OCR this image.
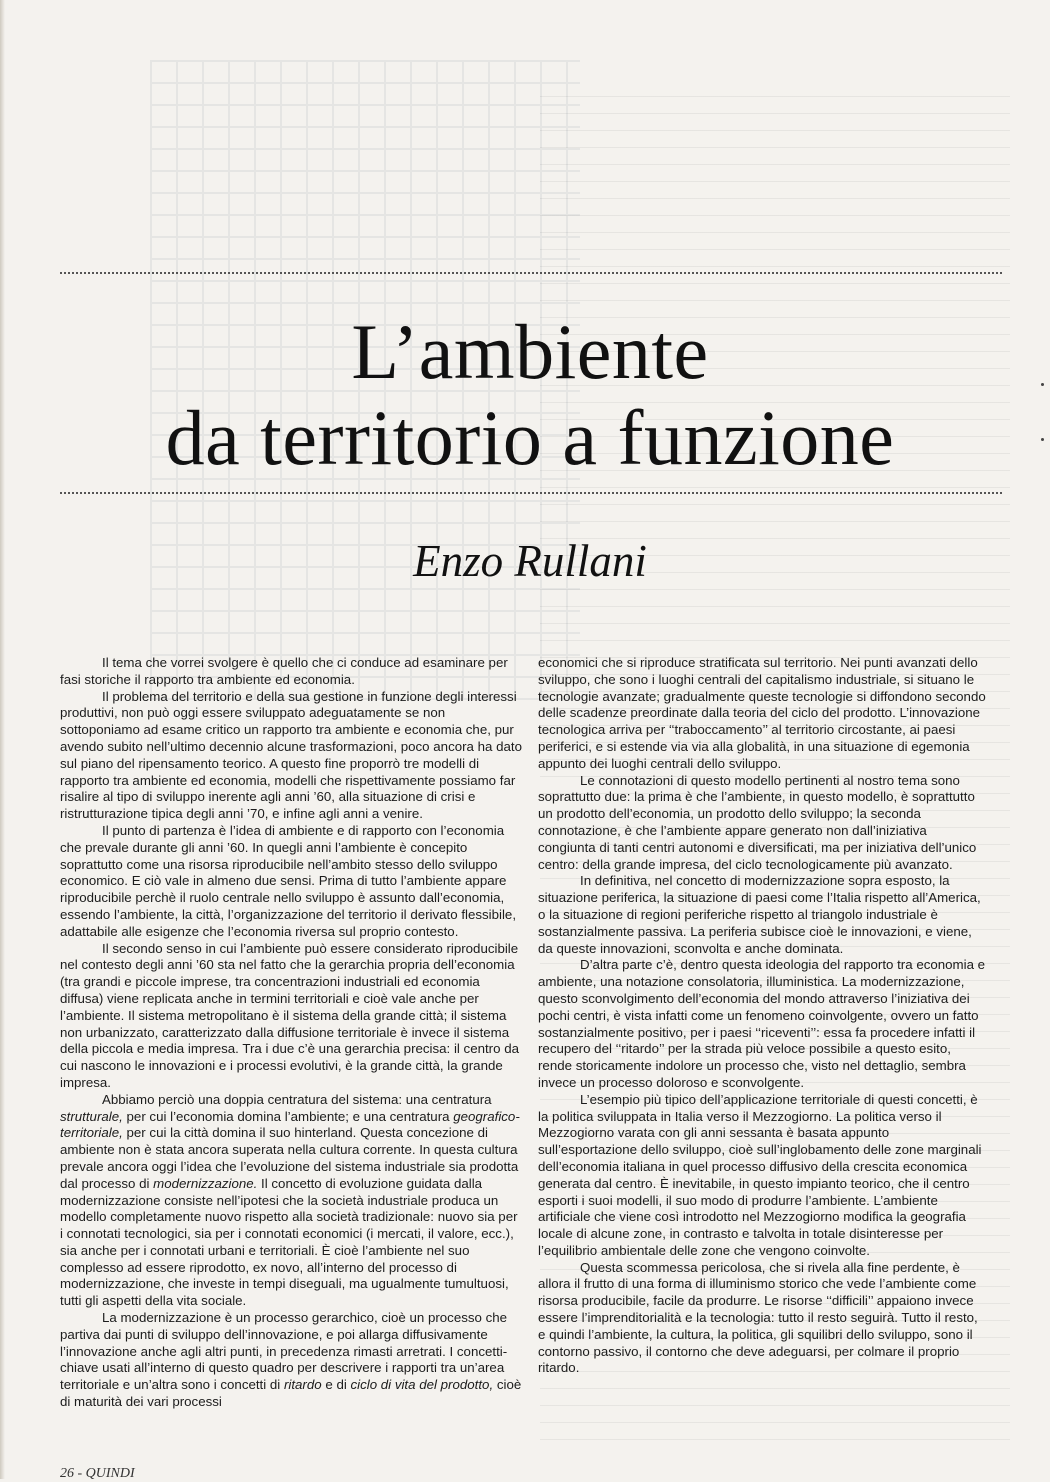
L’ambiente
da territorio a funzione
Enzo Rullani

Il tema che vorrei svolgere è quello che ci conduce ad esaminare per fasi storiche il rapporto tra ambiente ed economia.

Il problema del territorio e della sua gestione in funzione degli interessi produttivi, non può oggi essere sviluppato adeguatamente se non sottoponiamo ad esame critico un rapporto tra ambiente e economia che, pur avendo subito nell’ultimo decennio alcune trasformazioni, poco ancora ha dato sul piano del ripensamento teorico. A questo fine proporrò tre modelli di rapporto tra ambiente ed economia, modelli che rispettivamente possiamo far risalire al tipo di sviluppo inerente agli anni ’60, alla situazione di crisi e ristrutturazione tipica degli anni ’70, e infine agli anni a venire.

Il punto di partenza è l’idea di ambiente e di rapporto con l’economia che prevale durante gli anni ’60. In quegli anni l’ambiente è concepito soprattutto come una risorsa riproducibile nell’ambito stesso dello sviluppo economico. E ciò vale in almeno due sensi. Prima di tutto l’ambiente appare riproducibile perchè il ruolo centrale nello sviluppo è assunto dall’economia, essendo l’ambiente, la città, l’organizzazione del territorio il derivato flessibile, adattabile alle esigenze che l’economia riversa sul proprio contesto.

Il secondo senso in cui l’ambiente può essere considerato riproducibile nel contesto degli anni ’60 sta nel fatto che la gerarchia propria dell’economia (tra grandi e piccole imprese, tra concentrazioni industriali ed economia diffusa) viene replicata anche in termini territoriali e cioè vale anche per l’ambiente. Il sistema metropolitano è il sistema della grande città; il sistema non urbanizzato, caratterizzato dalla diffusione territoriale è invece il sistema della piccola e media impresa. Tra i due c’è una gerarchia precisa: il centro da cui nascono le innovazioni e i processi evolutivi, è la grande città, la grande impresa.

Abbiamo perciò una doppia centratura del sistema: una centratura strutturale, per cui l’economia domina l’ambiente; e una centratura geografico-territoriale, per cui la città domina il suo hinterland. Questa concezione di ambiente non è stata ancora superata nella cultura corrente. In questa cultura prevale ancora oggi l’idea che l’evoluzione del sistema industriale sia prodotta dal processo di modernizzazione. Il concetto di evoluzione guidata dalla modernizzazione consiste nell’ipotesi che la società industriale produca un modello completamente nuovo rispetto alla società tradizionale: nuovo sia per i connotati tecnologici, sia per i connotati economici (i mercati, il valore, ecc.), sia anche per i connotati urbani e territoriali. È cioè l’ambiente nel suo complesso ad essere riprodotto, ex novo, all’interno del processo di modernizzazione, che investe in tempi diseguali, ma ugualmente tumultuosi, tutti gli aspetti della vita sociale.

La modernizzazione è un processo gerarchico, cioè un processo che partiva dai punti di sviluppo dell’innovazione, e poi allarga diffusivamente l’innovazione anche agli altri punti, in precedenza rimasti arretrati. I concetti-chiave usati all’interno di questo quadro per descrivere i rapporti tra un’area territoriale e un’altra sono i concetti di ritardo e di ciclo di vita del prodotto, cioè di maturità dei vari processi

economici che si riproduce stratificata sul territorio. Nei punti avanzati dello sviluppo, che sono i luoghi centrali del capitalismo industriale, si situano le tecnologie avanzate; gradualmente queste tecnologie si diffondono secondo delle scadenze preordinate dalla teoria del ciclo del prodotto. L’innovazione tecnologica arriva per ‘‘traboccamento’’ al territorio circostante, ai paesi periferici, e si estende via via alla globalità, in una situazione di egemonia appunto dei luoghi centrali dello sviluppo.

Le connotazioni di questo modello pertinenti al nostro tema sono soprattutto due: la prima è che l’ambiente, in questo modello, è soprattutto un prodotto dell’economia, un prodotto dello sviluppo; la seconda connotazione, è che l’ambiente appare generato non dall’iniziativa congiunta di tanti centri autonomi e diversificati, ma per iniziativa dell’unico centro: della grande impresa, del ciclo tecnologicamente più avanzato.

In definitiva, nel concetto di modernizzazione sopra esposto, la situazione periferica, la situazione di paesi come l’Italia rispetto all’America, o la situazione di regioni periferiche rispetto al triangolo industriale è sostanzialmente passiva. La periferia subisce cioè le innovazioni, e viene, da queste innovazioni, sconvolta e anche dominata.

D’altra parte c’è, dentro questa ideologia del rapporto tra economia e ambiente, una notazione consolatoria, illuministica. La modernizzazione, questo sconvolgimento dell’economia del mondo attraverso l’iniziativa dei pochi centri, è vista infatti come un fenomeno coinvolgente, ovvero un fatto sostanzialmente positivo, per i paesi ‘‘riceventi’’: essa fa procedere infatti il recupero del ‘‘ritardo’’ per la strada più veloce possibile a questo esito, rende storicamente indolore un processo che, visto nel dettaglio, sembra invece un processo doloroso e sconvolgente.

L’esempio più tipico dell’applicazione territoriale di questi concetti, è la politica sviluppata in Italia verso il Mezzogiorno. La politica verso il Mezzogiorno varata con gli anni sessanta è basata appunto sull’esportazione dello sviluppo, cioè sull’inglobamento delle zone marginali dell’economia italiana in quel processo diffusivo della crescita economica generata dal centro. È inevitabile, in questo impianto teorico, che il centro esporti i suoi modelli, il suo modo di produrre l’ambiente. L’ambiente artificiale che viene così introdotto nel Mezzogiorno modifica la geografia locale di alcune zone, in contrasto e talvolta in totale disinteresse per l’equilibrio ambientale delle zone che vengono coinvolte.

Questa scommessa pericolosa, che si rivela alla fine perdente, è allora il frutto di una forma di illuminismo storico che vede l’ambiente come risorsa producibile, facile da produrre. Le risorse ‘‘difficili’’ appaiono invece essere l’imprenditorialità e la tecnologia: tutto il resto seguirà. Tutto il resto, e quindi l’ambiente, la cultura, la politica, gli squilibri dello sviluppo, sono il contorno passivo, il contorno che deve adeguarsi, per colmare il proprio ritardo.

26 - QUINDI
